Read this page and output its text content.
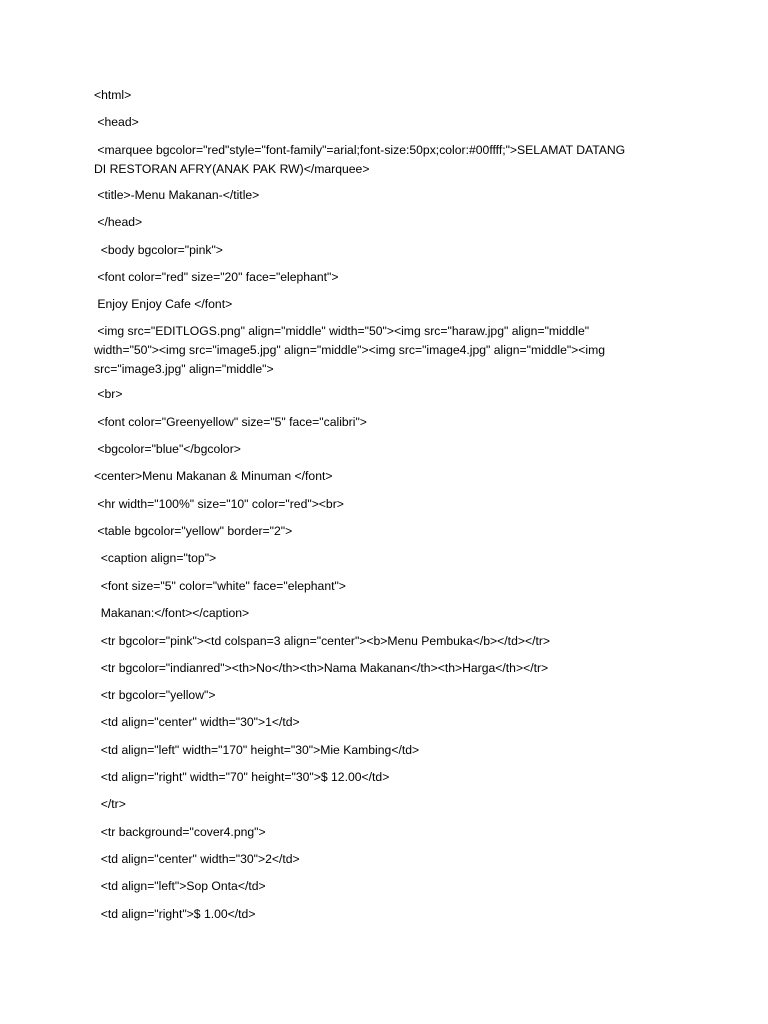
<html>
<head>
<marquee bgcolor="red"style="font-family"=arial;font-size:50px;color:#00ffff;">SELAMAT DATANG
DI RESTORAN AFRY(ANAK PAK RW)</marquee>
<title>-Menu Makanan-</title>
</head>
<body bgcolor="pink">
<font color="red" size="20" face="elephant">
Enjoy Enjoy Cafe </font>
<img src="EDITLOGS.png" align="middle" width="50"><img src="haraw.jpg" align="middle"
width="50"><img src="image5.jpg" align="middle"><img src="image4.jpg" align="middle"><img
src="image3.jpg" align="middle">
<br>
<font color="Greenyellow" size="5" face="calibri">
<bgcolor="blue"</bgcolor>
<center>Menu Makanan & Minuman </font>
<hr width="100%" size="10" color="red"><br>
<table bgcolor="yellow" border="2">
<caption align="top">
<font size="5" color="white" face="elephant">
Makanan:</font></caption>
<tr bgcolor="pink"><td colspan=3 align="center"><b>Menu Pembuka</b></td></tr>
<tr bgcolor="indianred"><th>No</th><th>Nama Makanan</th><th>Harga</th></tr>
<tr bgcolor="yellow">
<td align="center" width="30">1</td>
<td align="left" width="170" height="30">Mie Kambing</td>
<td align="right" width="70" height="30">$ 12.00</td>
</tr>
<tr background="cover4.png">
<td align="center" width="30">2</td>
<td align="left">Sop Onta</td>
<td align="right">$ 1.00</td>
